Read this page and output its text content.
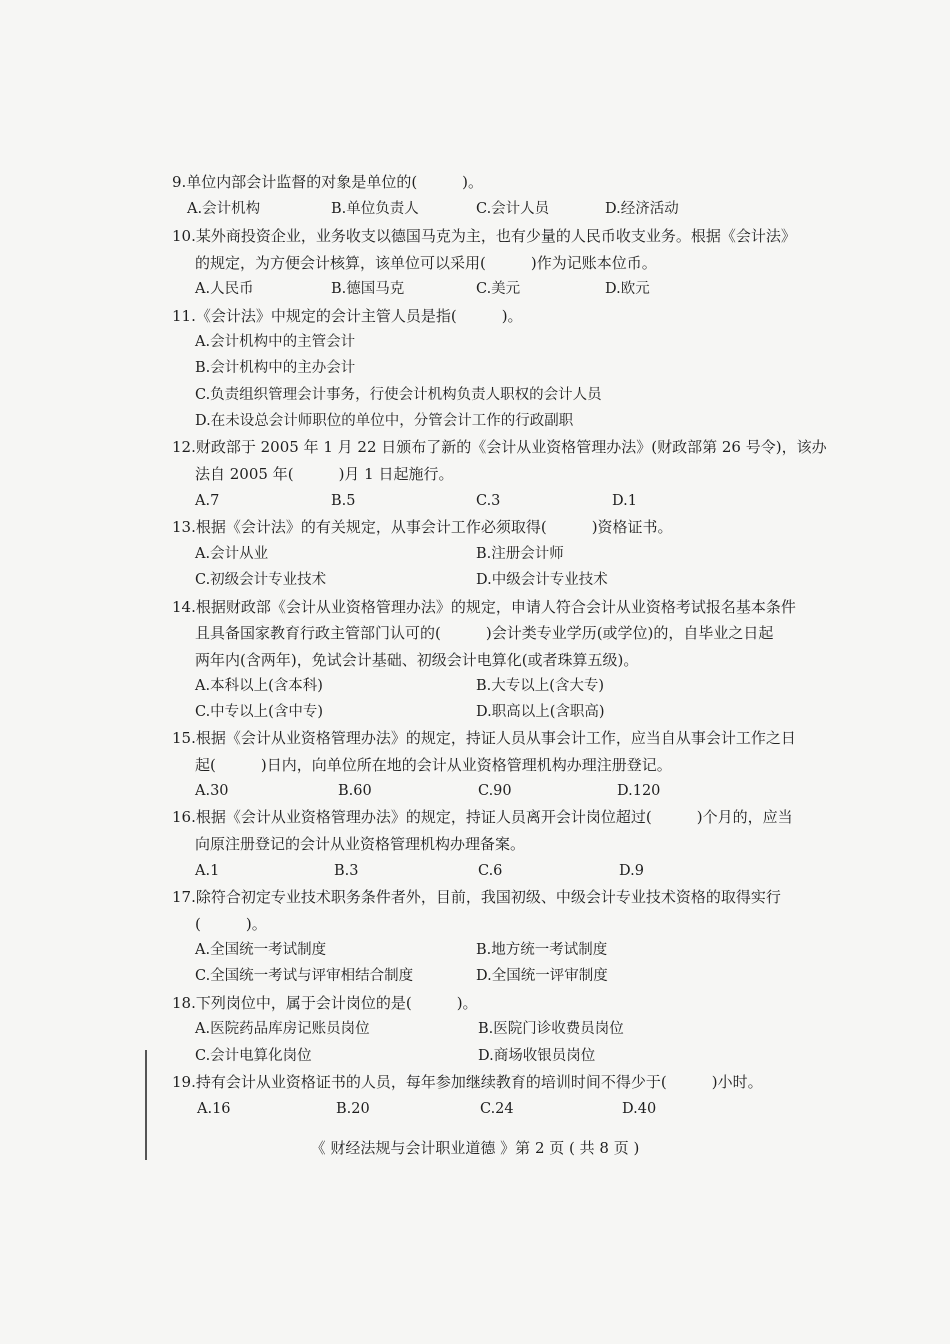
9.单位内部会计监督的对象是单位的(　　　)。
A.会计机构	B.单位负责人	C.会计人员	D.经济活动
10.某外商投资企业，业务收支以德国马克为主，也有少量的人民币收支业务。根据《会计法》
的规定，为方便会计核算，该单位可以采用(　　　)作为记账本位币。
A.人民币	B.德国马克	C.美元	D.欧元
11.《会计法》中规定的会计主管人员是指(　　　)。
A.会计机构中的主管会计
B.会计机构中的主办会计
C.负责组织管理会计事务，行使会计机构负责人职权的会计人员
D.在未设总会计师职位的单位中，分管会计工作的行政副职
12.财政部于 2005 年 1 月 22 日颁布了新的《会计从业资格管理办法》(财政部第 26 号令)，该办
法自 2005 年(　　　)月 1 日起施行。
A.7	B.5	C.3	D.1
13.根据《会计法》的有关规定，从事会计工作必须取得(　　　)资格证书。
A.会计从业	B.注册会计师
C.初级会计专业技术	D.中级会计专业技术
14.根据财政部《会计从业资格管理办法》的规定，申请人符合会计从业资格考试报名基本条件
且具备国家教育行政主管部门认可的(　　　)会计类专业学历(或学位)的，自毕业之日起
两年内(含两年)，免试会计基础、初级会计电算化(或者珠算五级)。
A.本科以上(含本科)	B.大专以上(含大专)
C.中专以上(含中专)	D.职高以上(含职高)
15.根据《会计从业资格管理办法》的规定，持证人员从事会计工作，应当自从事会计工作之日
起(　　　)日内，向单位所在地的会计从业资格管理机构办理注册登记。
A.30	B.60	C.90	D.120
16.根据《会计从业资格管理办法》的规定，持证人员离开会计岗位超过(　　　)个月的，应当
向原注册登记的会计从业资格管理机构办理备案。
A.1	B.3	C.6	D.9
17.除符合初定专业技术职务条件者外，目前，我国初级、中级会计专业技术资格的取得实行
(　　　)。
A.全国统一考试制度	B.地方统一考试制度
C.全国统一考试与评审相结合制度	D.全国统一评审制度
18.下列岗位中，属于会计岗位的是(　　　)。
A.医院药品库房记账员岗位	B.医院门诊收费员岗位
C.会计电算化岗位	D.商场收银员岗位
19.持有会计从业资格证书的人员，每年参加继续教育的培训时间不得少于(　　　)小时。
A.16	B.20	C.24	D.40
《 财经法规与会计职业道德 》第 2 页 ( 共 8 页 )
